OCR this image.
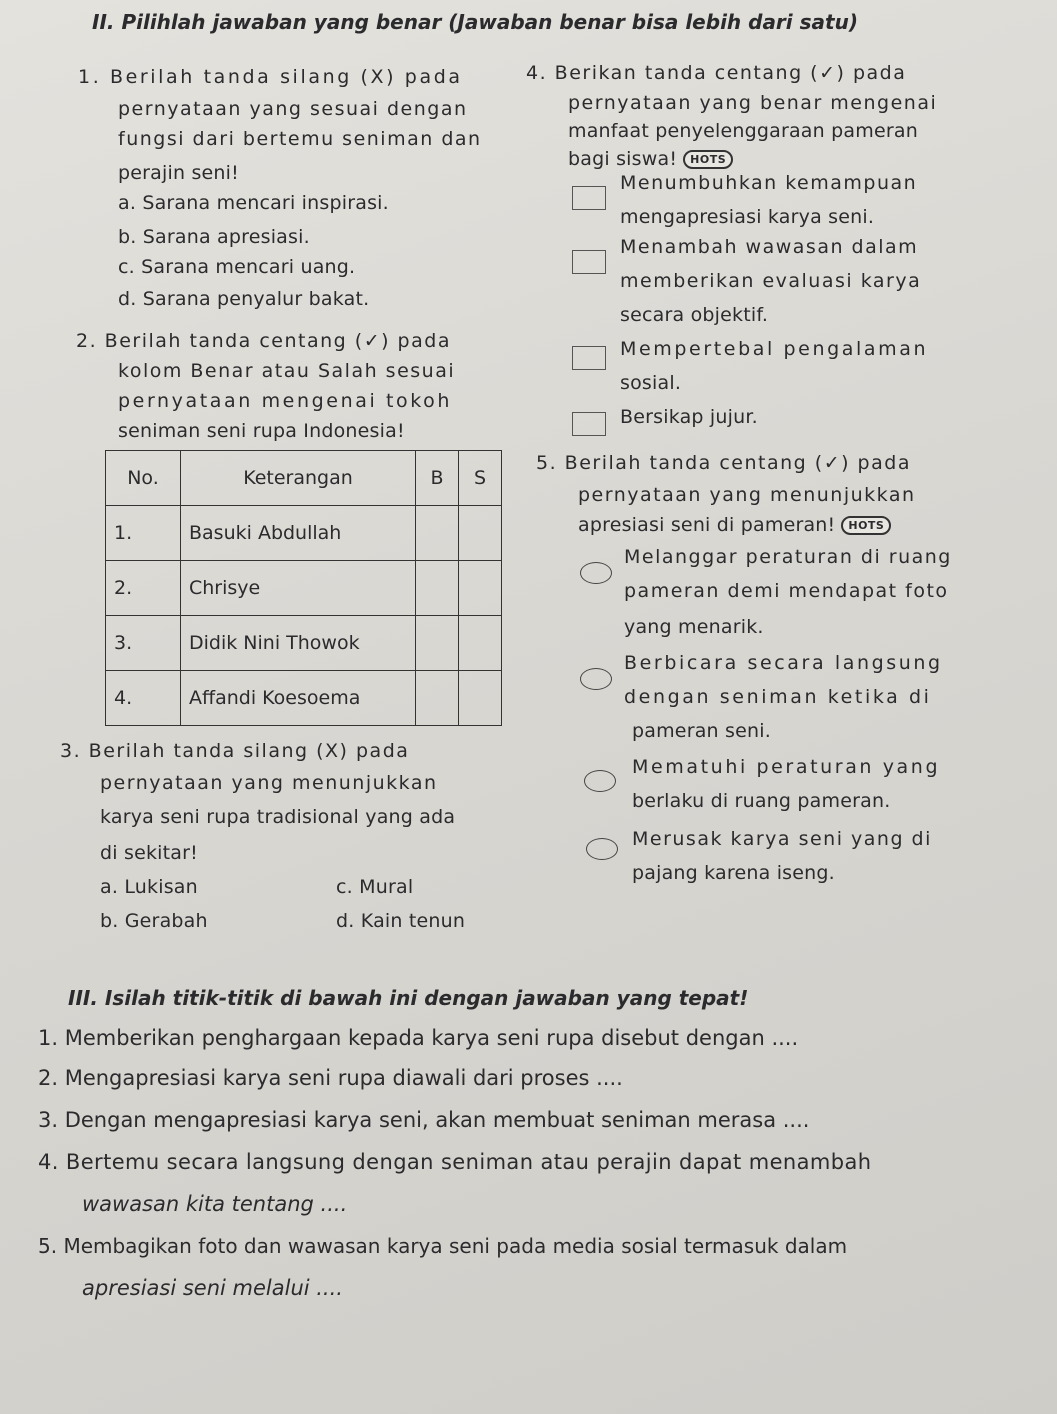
II. Pilihlah jawaban yang benar (Jawaban benar bisa lebih dari satu)
1. Berilah tanda silang (X) pada
pernyataan yang sesuai dengan
fungsi dari bertemu seniman dan
perajin seni!
a. Sarana mencari inspirasi.
b. Sarana apresiasi.
c. Sarana mencari uang.
d. Sarana penyalur bakat.
2. Berilah tanda centang (✓) pada
kolom Benar atau Salah sesuai
pernyataan mengenai tokoh
seniman seni rupa Indonesia!
No.	Keterangan	B	S
1.	Basuki Abdullah		
2.	Chrisye		
3.	Didik Nini Thowok		
4.	Affandi Koesoema		
3. Berilah tanda silang (X) pada
pernyataan yang menunjukkan
karya seni rupa tradisional yang ada
di sekitar!
a. Lukisan
b. Gerabah
c. Mural
d. Kain tenun
4. Berikan tanda centang (✓) pada
pernyataan yang benar mengenai
manfaat penyelenggaraan pameran
bagi siswa! HOTS
Menumbuhkan kemampuan
mengapresiasi karya seni.
Menambah wawasan dalam
memberikan evaluasi karya
secara objektif.
Mempertebal pengalaman
sosial.
Bersikap jujur.
5. Berilah tanda centang (✓) pada
pernyataan yang menunjukkan
apresiasi seni di pameran! HOTS
Melanggar peraturan di ruang
pameran demi mendapat foto
yang menarik.
Berbicara secara langsung
dengan seniman ketika di
pameran seni.
Mematuhi peraturan yang
berlaku di ruang pameran.
Merusak karya seni yang di
pajang karena iseng.
III. Isilah titik-titik di bawah ini dengan jawaban yang tepat!
1. Memberikan penghargaan kepada karya seni rupa disebut dengan ....
2. Mengapresiasi karya seni rupa diawali dari proses ....
3. Dengan mengapresiasi karya seni, akan membuat seniman merasa ....
4. Bertemu secara langsung dengan seniman atau perajin dapat menambah
wawasan kita tentang ....
5. Membagikan foto dan wawasan karya seni pada media sosial termasuk dalam
apresiasi seni melalui ....
